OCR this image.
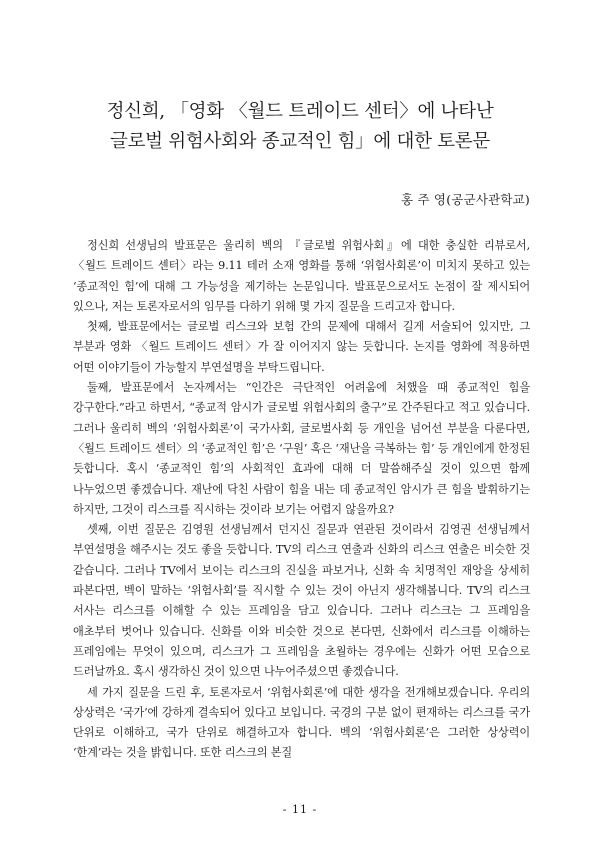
정신희, 「영화 〈월드 트레이드 센터〉에 나타난
글로벌 위험사회와 종교적인 힘」에 대한 토론문
홍 주 영(공군사관학교)

정신희 선생님의 발표문은 울리히 벡의 『글로벌 위험사회』에 대한 충실한 리뷰로서, 〈월드 트레이드 센터〉라는 9.11 테러 소재 영화를 통해 ‘위험사회론’이 미치지 못하고 있는 ‘종교적인 힘’에 대해 그 가능성을 제기하는 논문입니다. 발표문으로서도 논점이 잘 제시되어 있으나, 저는 토론자로서의 임무를 다하기 위해 몇 가지 질문을 드리고자 합니다.

첫째, 발표문에서는 글로벌 리스크와 보험 간의 문제에 대해서 길게 서술되어 있지만, 그 부분과 영화 〈월드 트레이드 센터〉가 잘 이어지지 않는 듯합니다. 논지를 영화에 적용하면 어떤 이야기들이 가능할지 부연설명을 부탁드립니다.

둘째, 발표문에서 논자께서는 “인간은 극단적인 어려움에 처했을 때 종교적인 힘을 강구한다.”라고 하면서, “종교적 암시가 글로벌 위험사회의 출구”로 간주된다고 적고 있습니다. 그러나 울리히 벡의 ‘위험사회론’이 국가사회, 글로벌사회 등 개인을 넘어선 부분을 다룬다면, 〈월드 트레이드 센터〉의 ‘종교적인 힘’은 ‘구원’ 혹은 ‘재난을 극복하는 힘’ 등 개인에게 한정된 듯합니다. 혹시 ‘종교적인 힘’의 사회적인 효과에 대해 더 말씀해주실 것이 있으면 함께 나누었으면 좋겠습니다. 재난에 닥친 사람이 힘을 내는 데 종교적인 암시가 큰 힘을 발휘하기는 하지만, 그것이 리스크를 직시하는 것이라 보기는 어렵지 않을까요?

셋째, 이번 질문은 김영원 선생님께서 던지신 질문과 연관된 것이라서 김영권 선생님께서 부연설명을 해주시는 것도 좋을 듯합니다. TV의 리스크 연출과 신화의 리스크 연출은 비슷한 것 같습니다. 그러나 TV에서 보이는 리스크의 진실을 파보거나, 신화 속 치명적인 재앙을 상세히 파본다면, 벡이 말하는 ‘위험사회’를 직시할 수 있는 것이 아닌지 생각해봅니다. TV의 리스크 서사는 리스크를 이해할 수 있는 프레임을 담고 있습니다. 그러나 리스크는 그 프레임을 애초부터 벗어나 있습니다. 신화를 이와 비슷한 것으로 본다면, 신화에서 리스크를 이해하는 프레임에는 무엇이 있으며, 리스크가 그 프레임을 초월하는 경우에는 신화가 어떤 모습으로 드러날까요. 혹시 생각하신 것이 있으면 나누어주셨으면 좋겠습니다.

세 가지 질문을 드린 후, 토론자로서 ‘위험사회론’에 대한 생각을 전개해보겠습니다. 우리의 상상력은 ‘국가’에 강하게 결속되어 있다고 보입니다. 국경의 구분 없이 편재하는 리스크를 국가 단위로 이해하고, 국가 단위로 해결하고자 합니다. 벡의 ‘위험사회론’은 그러한 상상력이 ‘한계’라는 것을 밝힙니다. 또한 리스크의 본질

- 11 -
